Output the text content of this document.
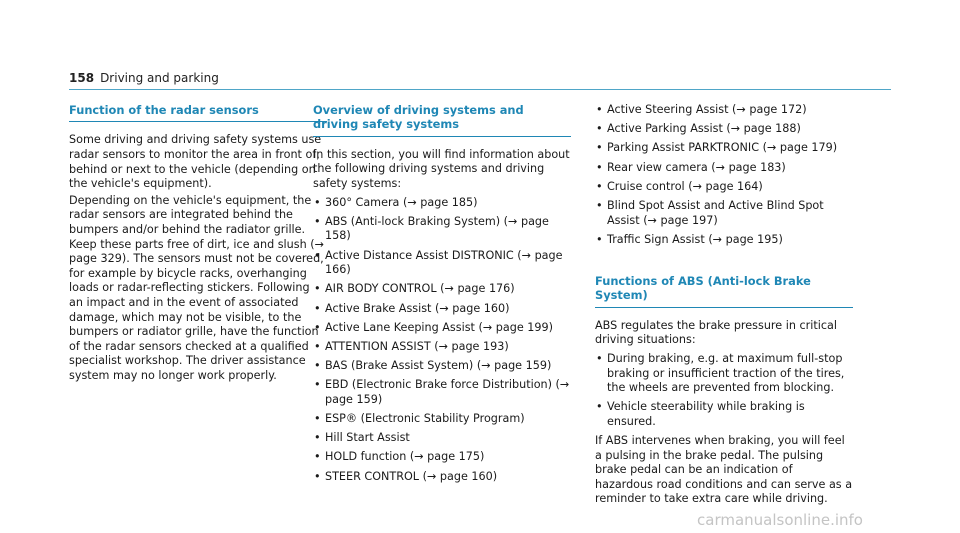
158 Driving and parking
Function of the radar sensors

Some driving and driving safety systems use radar sensors to monitor the area in front of, behind or next to the vehicle (depending on the vehicle's equipment).

Depending on the vehicle's equipment, the radar sensors are integrated behind the bumpers and/or behind the radiator grille. Keep these parts free of dirt, ice and slush (→ page 329). The sensors must not be covered, for example by bicycle racks, overhanging loads or radar-reflecting stickers. Following an impact and in the event of associated damage, which may not be visible, to the bumpers or radiator grille, have the function of the radar sensors checked at a qualified specialist workshop. The driver assistance system may no longer work properly.

Overview of driving systems and driving safety systems

In this section, you will find information about the following driving systems and driving safety systems:

• 360° Camera (→ page 185)
• ABS (Anti-lock Braking System) (→ page 158)
• Active Distance Assist DISTRONIC (→ page 166)
• AIR BODY CONTROL (→ page 176)
• Active Brake Assist (→ page 160)
• Active Lane Keeping Assist (→ page 199)
• ATTENTION ASSIST (→ page 193)
• BAS (Brake Assist System) (→ page 159)
• EBD (Electronic Brake force Distribution) (→ page 159)
• ESP® (Electronic Stability Program)
• Hill Start Assist
• HOLD function (→ page 175)
• STEER CONTROL (→ page 160)
• Active Steering Assist (→ page 172)
• Active Parking Assist (→ page 188)
• Parking Assist PARKTRONIC (→ page 179)
• Rear view camera (→ page 183)
• Cruise control (→ page 164)
• Blind Spot Assist and Active Blind Spot Assist (→ page 197)
• Traffic Sign Assist (→ page 195)
Functions of ABS (Anti-lock Brake System)

ABS regulates the brake pressure in critical driving situations:

• During braking, e.g. at maximum full-stop braking or insufficient traction of the tires, the wheels are prevented from blocking.
• Vehicle steerability while braking is ensured.

If ABS intervenes when braking, you will feel a pulsing in the brake pedal. The pulsing brake pedal can be an indication of hazardous road conditions and can serve as a reminder to take extra care while driving.

carmanualsonline.info
